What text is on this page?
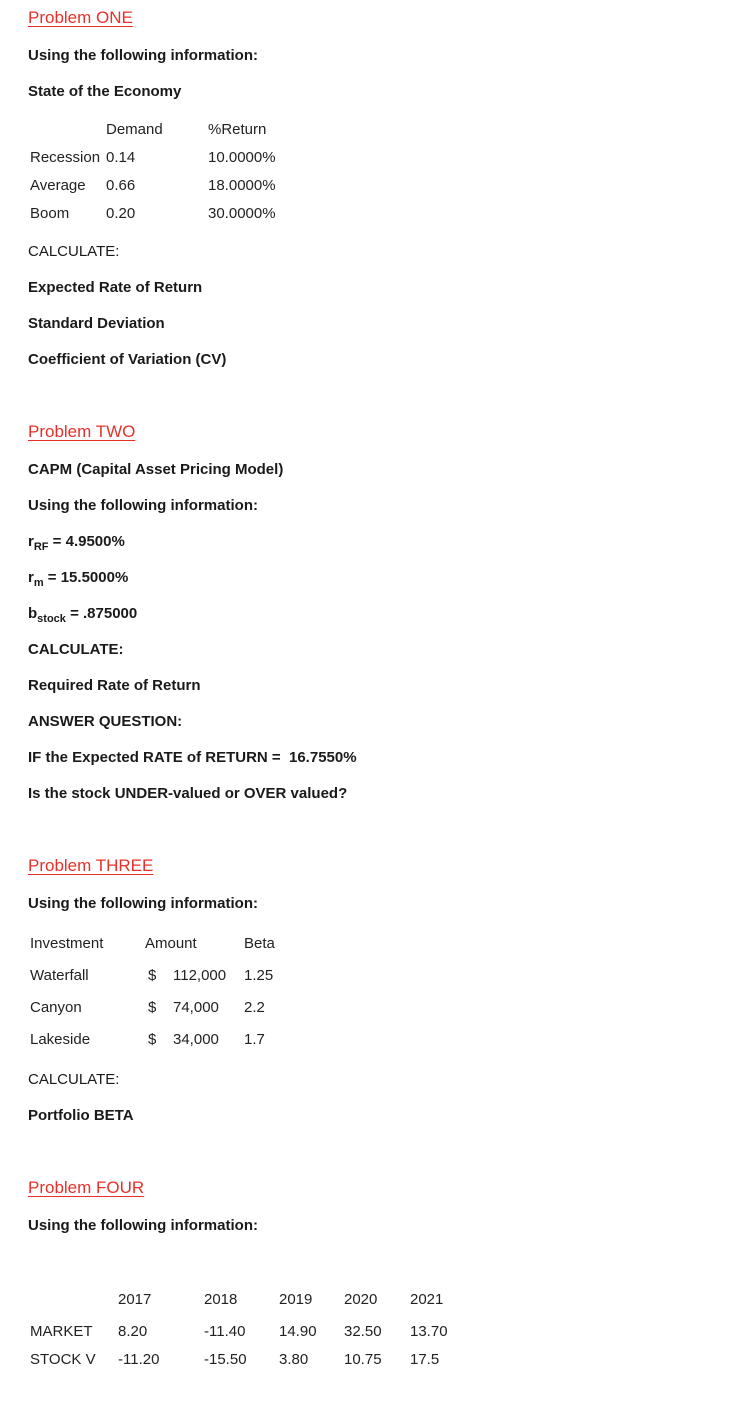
Problem ONE
Using the following information:
State of the Economy
Demand	%Return
Recession 0.14	10.0000%
Average 0.66	18.0000%
Boom 0.20	30.0000%
CALCULATE:
Expected Rate of Return
Standard Deviation
Coefficient of Variation (CV)
Problem TWO
CAPM (Capital Asset Pricing Model)
Using the following information:
$r_{RF} = 4.9500\%$
$r_m = 15.5000\%$
$b_{stock} = .875000$
CALCULATE:
Required Rate of Return
ANSWER QUESTION:
IF the Expected RATE of RETURN =  16.7550%
Is the stock UNDER-valued or OVER valued?
Problem THREE
Using the following information:
Investment	Amount	Beta
Waterfall	$ 112,000 1.25
Canyon	$ 74,000 2.2
Lakeside	$ 34,000 1.7
CALCULATE:
Portfolio BETA
Problem FOUR
Using the following information:
2017	2018	2019 2020 2021
MARKET 8.20	-11.40 14.90 32.50 13.70
STOCK V -11.20	-15.50 3.80 10.75 17.5
